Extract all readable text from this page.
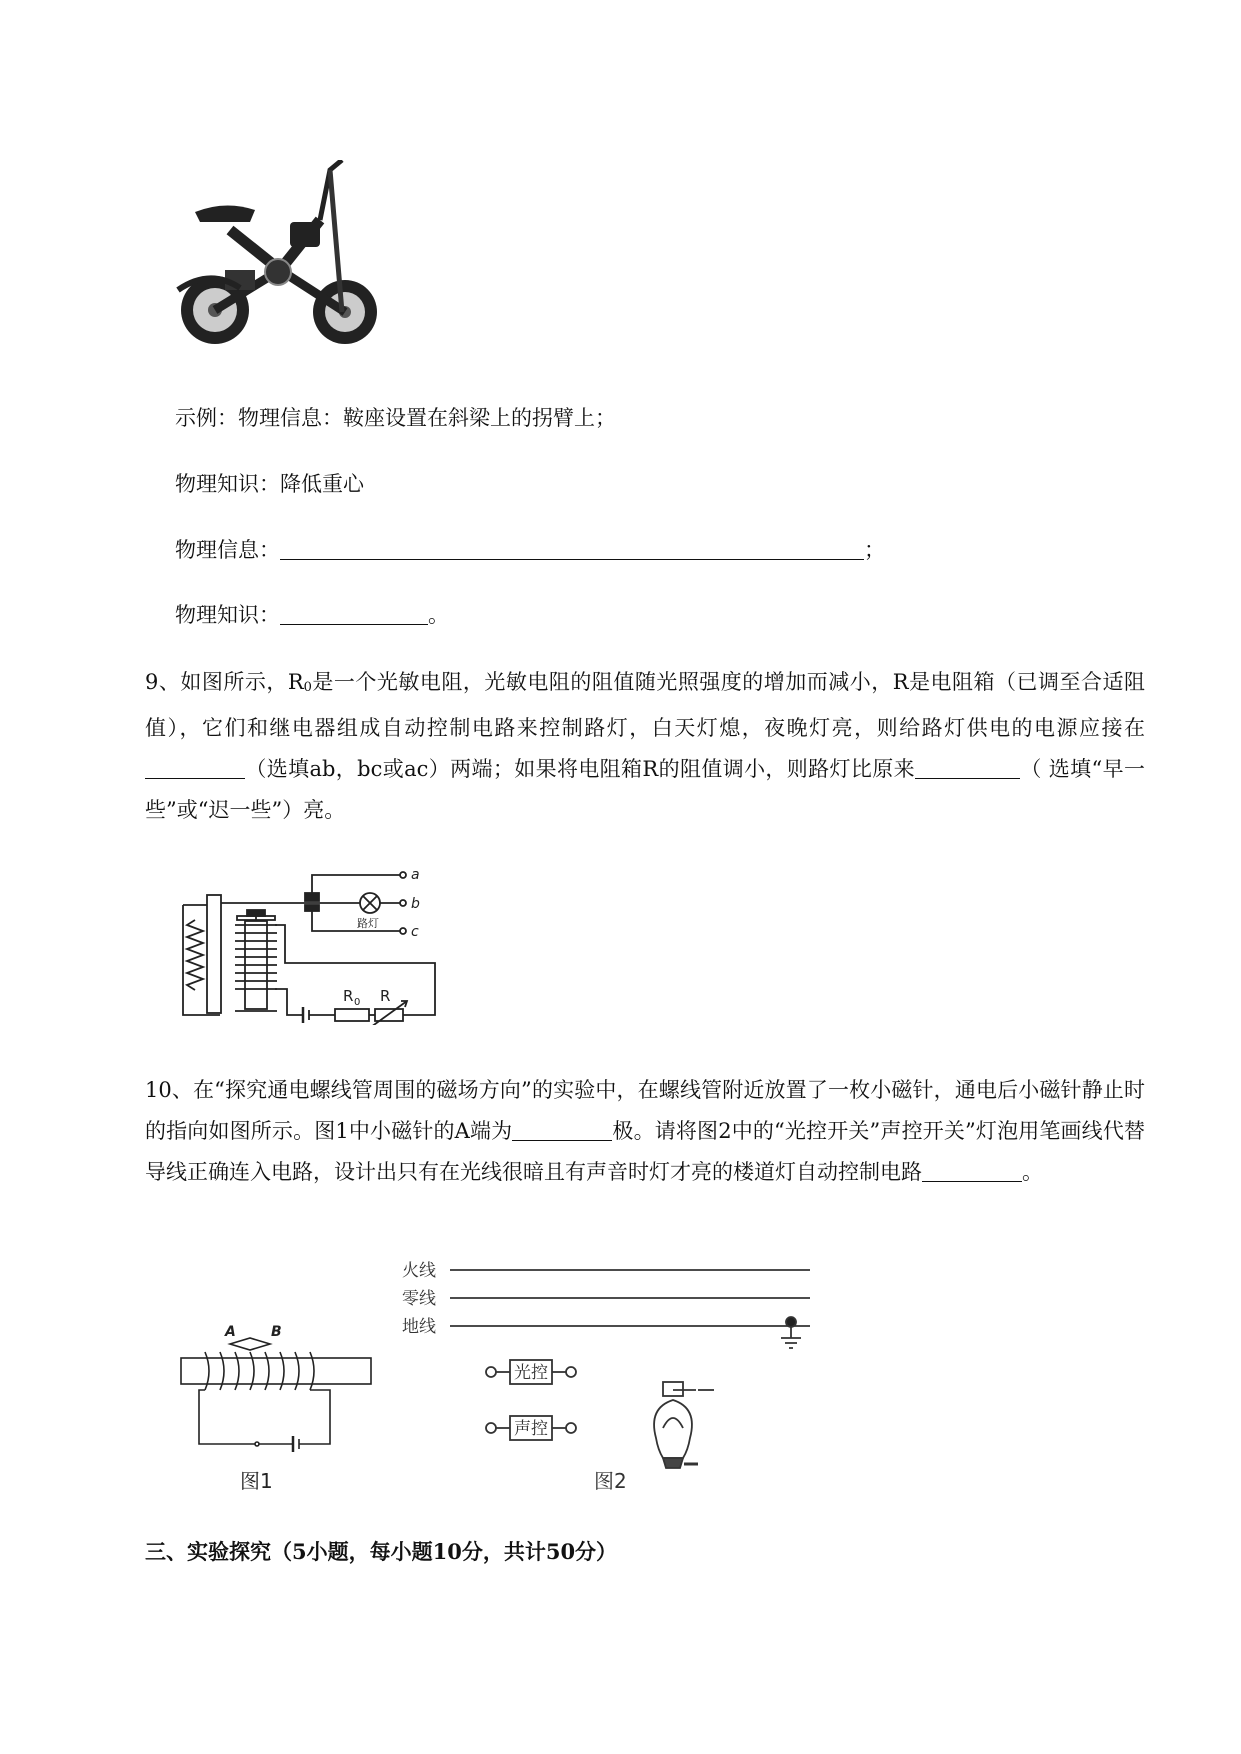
示例：物理信息：鞍座设置在斜梁上的拐臂上；
物理知识：降低重心
物理信息：	；
物理知识：	。
9、如图所示，R0是一个光敏电阻，光敏电阻的阻值随光照强度的增加而减小，R是电阻箱（已调至合适阻值），它们和继电器组成自动控制电路来控制路灯，白天灯熄，夜晚灯亮，则给路灯供电的电源应接在（选填ab，bc或ac）两端；如果将电阻箱R的阻值调小，则路灯比原来	（ 选填“早一些”或“迟一些”）亮。
a
b
c
路灯
R 0 R
10、在“探究通电螺线管周围的磁场方向”的实验中，在螺线管附近放置了一枚小磁针，通电后小磁针静止时的指向如图所示。图1中小磁针的A端为	极。请将图2中的“光控开关”声控开关”灯泡用笔画线代替导线正确连入电路，设计出只有在光线很暗且有声音时灯才亮的楼道灯自动控制电路	。
A	B
图1
火线
零线
地线
光控
声控
图2
三、实验探究（5小题，每小题10分，共计50分）
